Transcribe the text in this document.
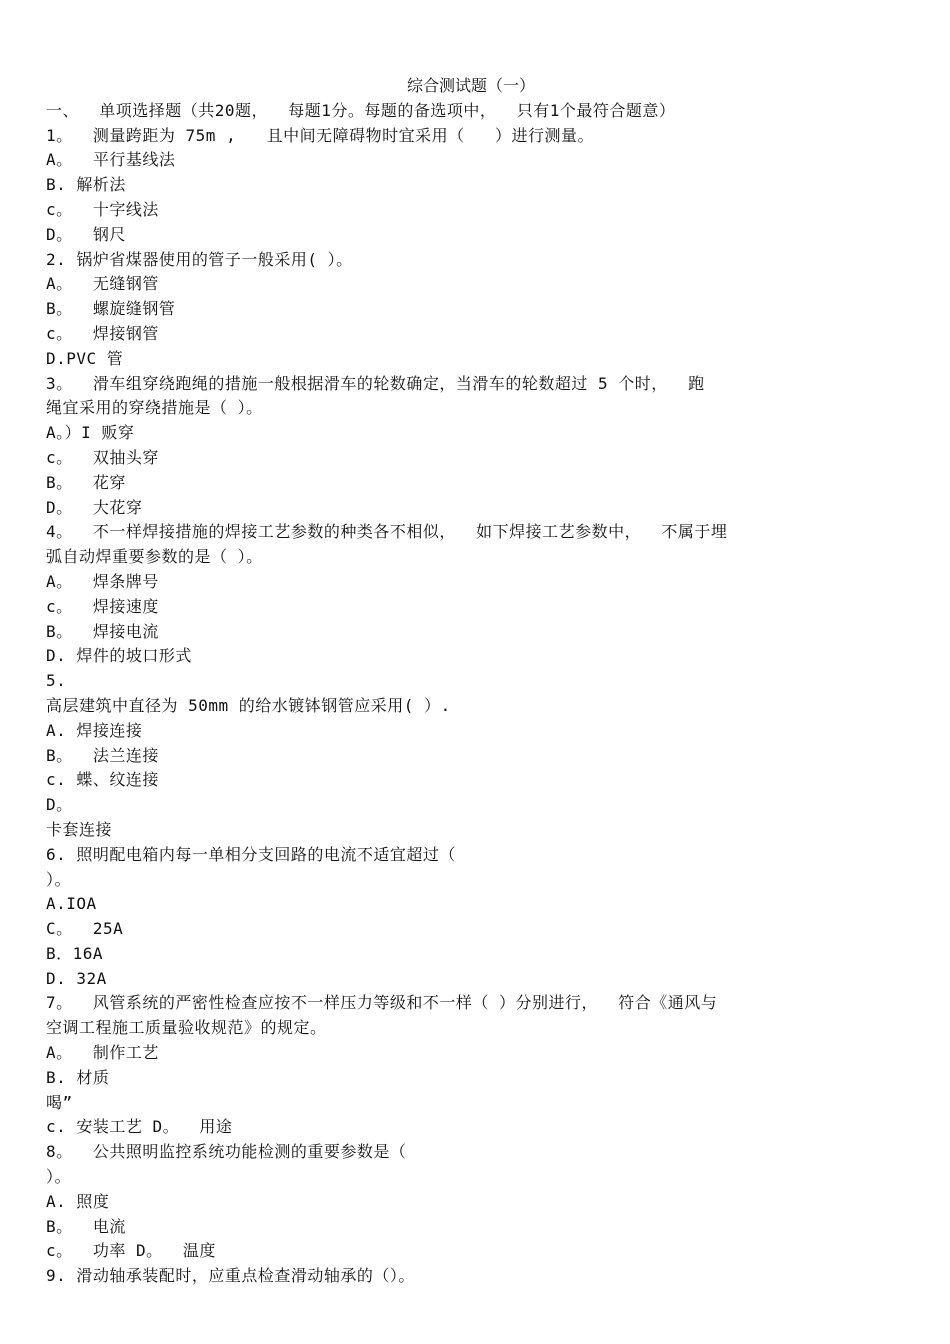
综合测试题（一）
一、  单项选择题（共20题，  每题1分。每题的备选项中，  只有1个最符合题意）
1。  测量跨距为 75m ,   且中间无障碍物时宜采用（   ）进行测量。
A。  平行基线法
B. 解析法
c。  十字线法
D。  钢尺
2. 锅炉省煤器使用的管子一般采用( ）。
A。  无缝钢管
B。  螺旋缝钢管
c。  焊接钢管
D.PVC 管
3。  滑车组穿绕跑绳的措施一般根据滑车的轮数确定，当滑车的轮数超过 5 个时，  跑
绳宜采用的穿绕措施是（ ）。
A。）I 贩穿
c。  双抽头穿
B。  花穿
D。  大花穿
4。  不一样焊接措施的焊接工艺参数的种类各不相似，  如下焊接工艺参数中，  不属于埋
弧自动焊重要参数的是（ ）。
A。  焊条牌号
c。  焊接速度
B。  焊接电流
D. 焊件的坡口形式
5.
高层建筑中直径为 50mm 的给水镀钵钢管应采用( ）.
A. 焊接连接
B。  法兰连接
c. 蝶、纹连接
D。
卡套连接
6. 照明配电箱内每一单相分支回路的电流不适宜超过（
）。
A.IOA
C。  25A
B．16A
D. 32A
7。  风管系统的严密性检查应按不一样压力等级和不一样（ ）分别进行，  符合《通风与
空调工程施工质量验收规范》的规定。
A。  制作工艺
B. 材质
喝”
c. 安装工艺 D。  用途
8。  公共照明监控系统功能检测的重要参数是（
）。
A. 照度
B。  电流
c。  功率 D。  温度
9. 滑动轴承装配时，应重点检查滑动轴承的（）。
